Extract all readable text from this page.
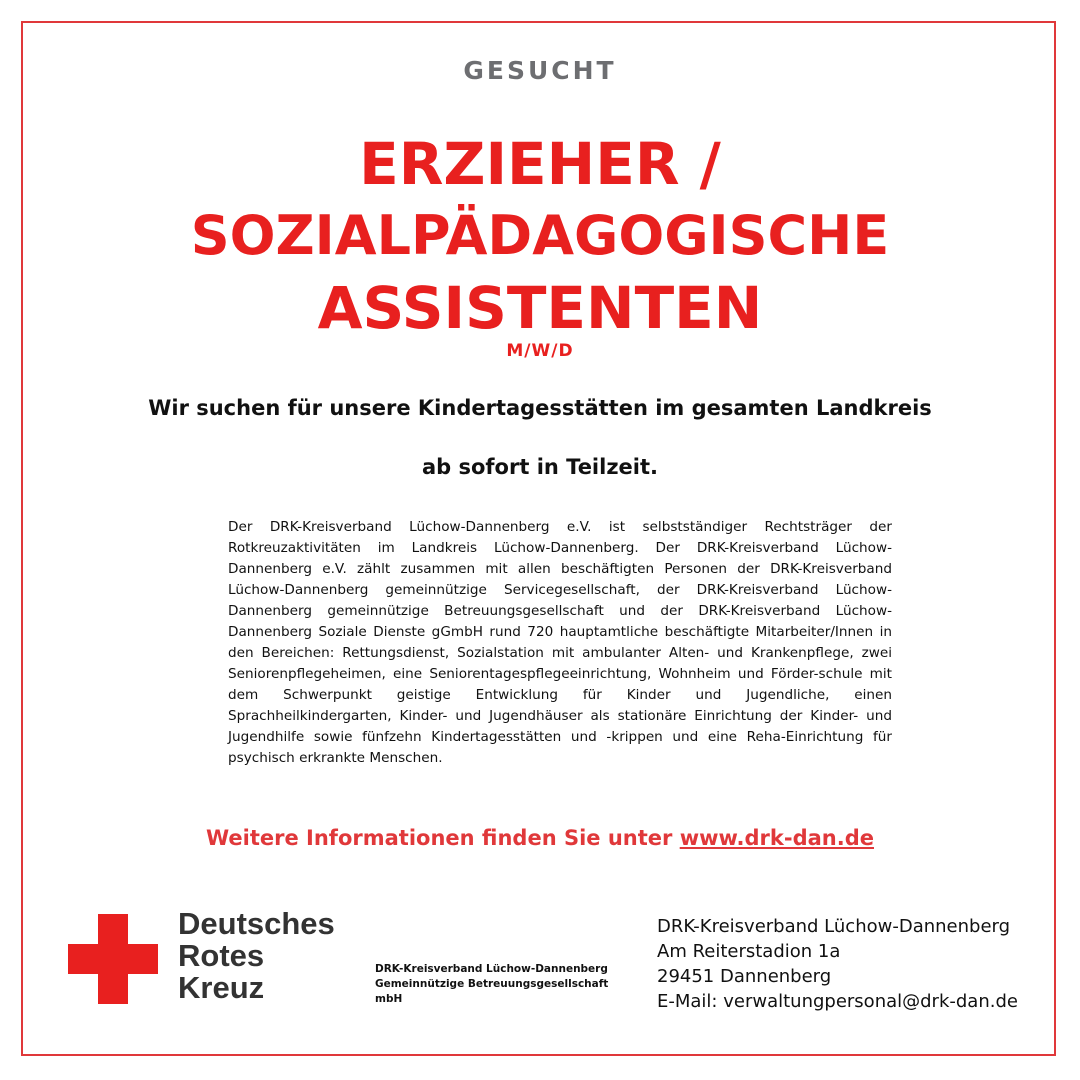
GESUCHT
ERZIEHER /
SOZIALPÄDAGOGISCHE
ASSISTENTEN
M/W/D
Wir suchen für unsere Kindertagesstätten im gesamten Landkreis
ab sofort in Teilzeit.
Der DRK-Kreisverband Lüchow-Dannenberg e.V. ist selbstständiger Rechtsträger der Rotkreuzaktivitäten im Landkreis Lüchow-Dannenberg. Der DRK-Kreisverband Lüchow-Dannenberg e.V. zählt zusammen mit allen beschäftigten Personen der DRK-Kreisverband Lüchow-Dannenberg gemeinnützige Servicegesellschaft, der DRK-Kreisverband Lüchow-Dannenberg gemeinnützige Betreuungsgesellschaft und der DRK-Kreisverband Lüchow-Dannenberg Soziale Dienste gGmbH rund 720 hauptamtliche beschäftigte Mitarbeiter/Innen in den Bereichen: Rettungsdienst, Sozialstation mit ambulanter Alten- und Krankenpflege, zwei Seniorenpflegeheimen, eine Seniorentagespflegeeinrichtung, Wohnheim und Förder-schule mit dem Schwerpunkt geistige Entwicklung für Kinder und Jugendliche, einen Sprachheilkindergarten, Kinder- und Jugendhäuser als stationäre Einrichtung der Kinder- und Jugendhilfe sowie fünfzehn Kindertagesstätten und -krippen und eine Reha-Einrichtung für psychisch erkrankte Menschen.
Weitere Informationen finden Sie unter www.drk-dan.de
Deutsches
Rotes
Kreuz
DRK-Kreisverband Lüchow-Dannenberg
Gemeinnützige Betreuungsgesellschaft
mbH
DRK-Kreisverband Lüchow-Dannenberg
Am Reiterstadion 1a
29451 Dannenberg
E-Mail: verwaltungpersonal@drk-dan.de
